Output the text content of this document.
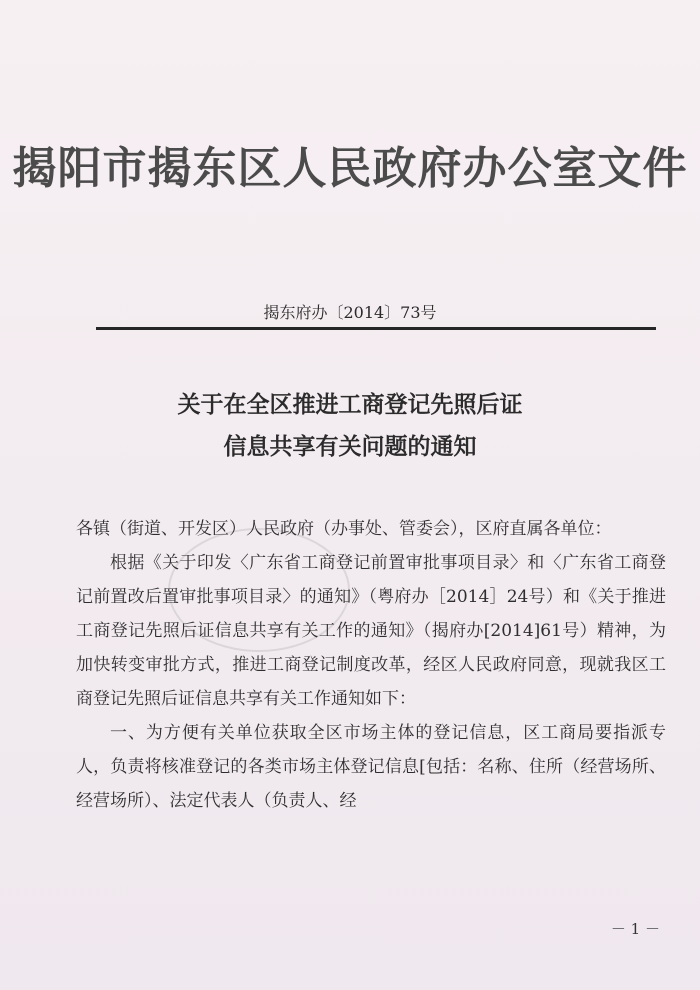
揭阳市揭东区人民政府办公室文件
揭东府办〔2014〕73号
关于在全区推进工商登记先照后证
信息共享有关问题的通知

各镇（街道、开发区）人民政府（办事处、管委会），区府直属各单位：

根据《关于印发〈广东省工商登记前置审批事项目录〉和〈广东省工商登记前置改后置审批事项目录〉的通知》（粤府办［2014］24号）和《关于推进工商登记先照后证信息共享有关工作的通知》（揭府办[2014]61号）精神，为加快转变审批方式，推进工商登记制度改革，经区人民政府同意，现就我区工商登记先照后证信息共享有关工作通知如下：

一、为方便有关单位获取全区市场主体的登记信息，区工商局要指派专人，负责将核准登记的各类市场主体登记信息[包括：名称、住所（经营场所、经营场所）、法定代表人（负责人、经

－ 1 －
